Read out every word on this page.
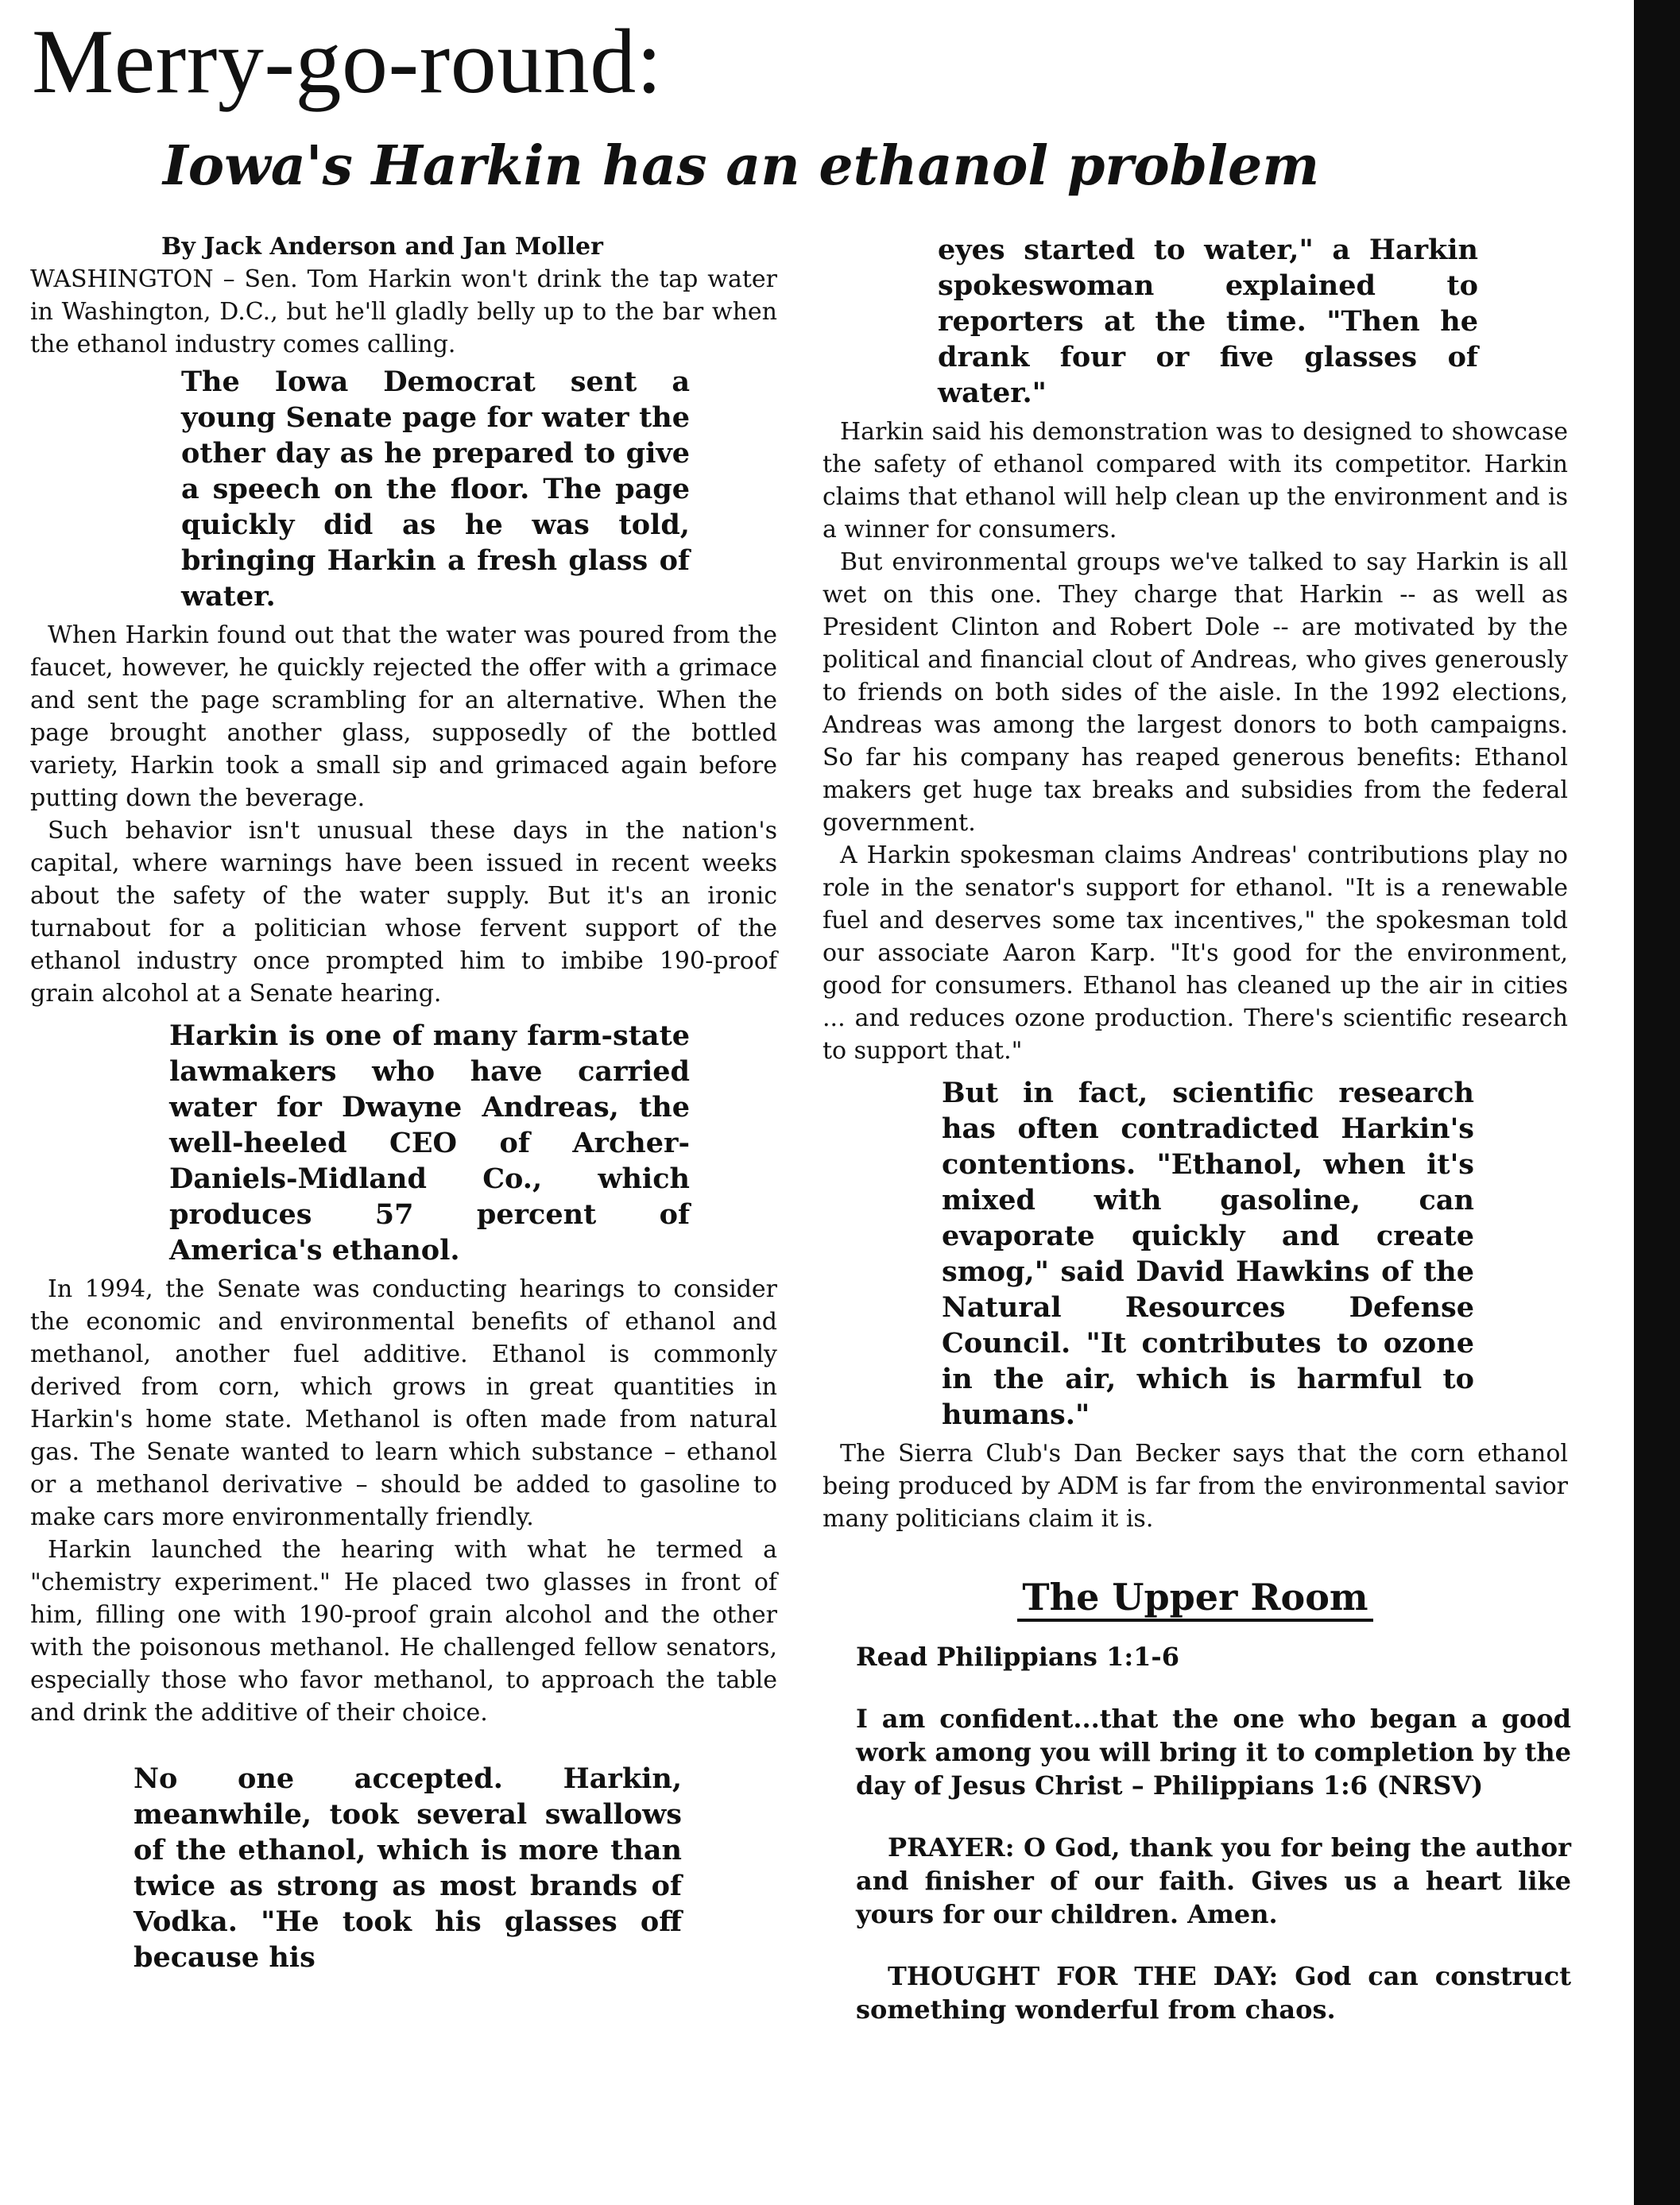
Merry-go-round:
Iowa's Harkin has an ethanol problem

By Jack Anderson and Jan Moller

WASHINGTON – Sen. Tom Harkin won't drink the tap water in Washington, D.C., but he'll gladly belly up to the bar when the ethanol industry comes calling.

The Iowa Democrat sent a young Senate page for water the other day as he prepared to give a speech on the floor. The page quickly did as he was told, bringing Harkin a fresh glass of water.

When Harkin found out that the water was poured from the faucet, however, he quickly rejected the offer with a grimace and sent the page scrambling for an alternative. When the page brought another glass, supposedly of the bottled variety, Harkin took a small sip and grimaced again before putting down the beverage.

Such behavior isn't unusual these days in the nation's capital, where warnings have been issued in recent weeks about the safety of the water supply. But it's an ironic turnabout for a politician whose fervent support of the ethanol industry once prompted him to imbibe 190-proof grain alcohol at a Senate hearing.

Harkin is one of many farm-state lawmakers who have carried water for Dwayne Andreas, the well-heeled CEO of Archer-Daniels-Midland Co., which produces 57 percent of America's ethanol.

In 1994, the Senate was conducting hearings to consider the economic and environmental benefits of ethanol and methanol, another fuel additive. Ethanol is commonly derived from corn, which grows in great quantities in Harkin's home state. Methanol is often made from natural gas. The Senate wanted to learn which substance – ethanol or a methanol derivative – should be added to gasoline to make cars more environmentally friendly.

Harkin launched the hearing with what he termed a "chemistry experiment." He placed two glasses in front of him, filling one with 190-proof grain alcohol and the other with the poisonous methanol. He challenged fellow senators, especially those who favor methanol, to approach the table and drink the additive of their choice.

No one accepted. Harkin, meanwhile, took several swallows of the ethanol, which is more than twice as strong as most brands of Vodka. "He took his glasses off because his
eyes started to water," a Harkin spokeswoman explained to reporters at the time. "Then he drank four or five glasses of water."

Harkin said his demonstration was to designed to showcase the safety of ethanol compared with its competitor. Harkin claims that ethanol will help clean up the environment and is a winner for consumers.

But environmental groups we've talked to say Harkin is all wet on this one. They charge that Harkin -- as well as President Clinton and Robert Dole -- are motivated by the political and financial clout of Andreas, who gives generously to friends on both sides of the aisle. In the 1992 elections, Andreas was among the largest donors to both campaigns. So far his company has reaped generous benefits: Ethanol makers get huge tax breaks and subsidies from the federal government.

A Harkin spokesman claims Andreas' contributions play no role in the senator's support for ethanol. "It is a renewable fuel and deserves some tax incentives," the spokesman told our associate Aaron Karp. "It's good for the environment, good for consumers. Ethanol has cleaned up the air in cities ... and reduces ozone production. There's scientific research to support that."

But in fact, scientific research has often contradicted Harkin's contentions. "Ethanol, when it's mixed with gasoline, can evaporate quickly and create smog," said David Hawkins of the Natural Resources Defense Council. "It contributes to ozone in the air, which is harmful to humans."

The Sierra Club's Dan Becker says that the corn ethanol being produced by ADM is far from the environmental savior many politicians claim it is.

The Upper Room

Read Philippians 1:1-6

I am confident...that the one who began a good work among you will bring it to completion by the day of Jesus Christ – Philippians 1:6 (NRSV)

PRAYER: O God, thank you for being the author and finisher of our faith. Gives us a heart like yours for our children. Amen.

THOUGHT FOR THE DAY: God can construct something wonderful from chaos.
